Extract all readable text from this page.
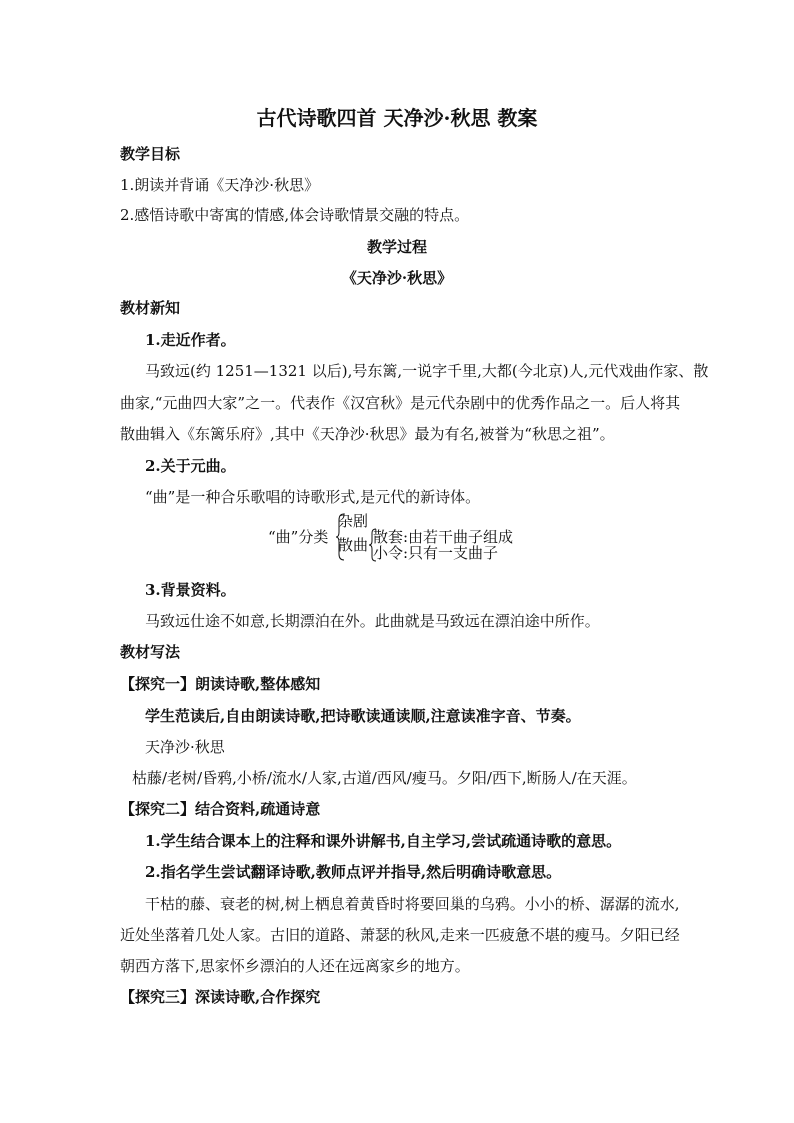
古代诗歌四首 天净沙·秋思 教案
教学目标
1.朗读并背诵《天净沙·秋思》
2.感悟诗歌中寄寓的情感,体会诗歌情景交融的特点。
教学过程
《天净沙·秋思》
教材新知
1.走近作者。
马致远(约 1251—1321 以后),号东篱,一说字千里,大都(今北京)人,元代戏曲作家、散
曲家,“元曲四大家”之一。代表作《汉宫秋》是元代杂剧中的优秀作品之一。后人将其
散曲辑入《东篱乐府》,其中《天净沙·秋思》最为有名,被誉为“秋思之祖”。
2.关于元曲。
“曲”是一种合乐歌唱的诗歌形式,是元代的新诗体。
“曲”分类
杂剧
散曲 散套:由若干曲子组成
小令:只有一支曲子
3.背景资料。
马致远仕途不如意,长期漂泊在外。此曲就是马致远在漂泊途中所作。
教材写法
【探究一】朗读诗歌,整体感知
学生范读后,自由朗读诗歌,把诗歌读通读顺,注意读准字音、节奏。
天净沙·秋思
枯藤/老树/昏鸦,小桥/流水/人家,古道/西风/瘦马。夕阳/西下,断肠人/在天涯。
【探究二】结合资料,疏通诗意
1.学生结合课本上的注释和课外讲解书,自主学习,尝试疏通诗歌的意思。
2.指名学生尝试翻译诗歌,教师点评并指导,然后明确诗歌意思。
干枯的藤、衰老的树,树上栖息着黄昏时将要回巢的乌鸦。小小的桥、潺潺的流水,
近处坐落着几处人家。古旧的道路、萧瑟的秋风,走来一匹疲惫不堪的瘦马。夕阳已经
朝西方落下,思家怀乡漂泊的人还在远离家乡的地方。
【探究三】深读诗歌,合作探究
